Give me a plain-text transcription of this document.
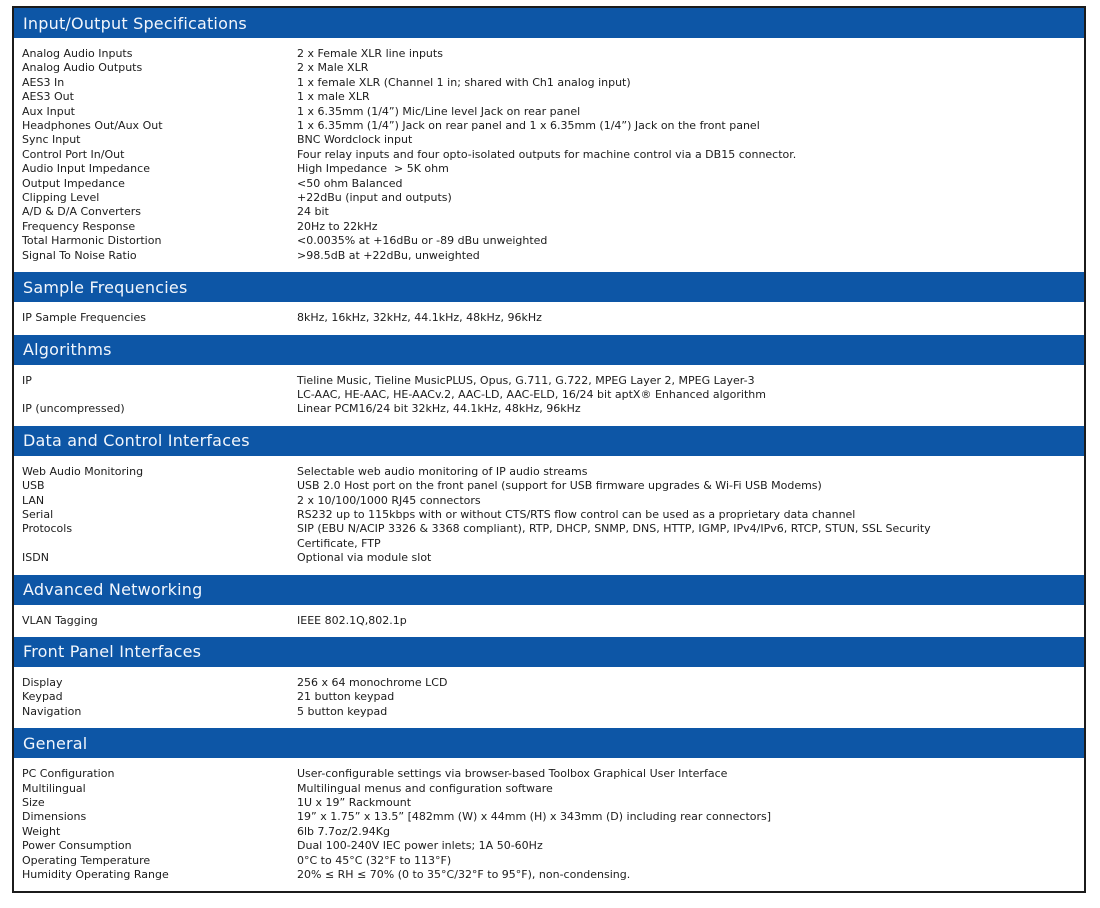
Input/Output Specifications
Analog Audio Inputs	2 x Female XLR line inputs
Analog Audio Outputs	2 x Male XLR
AES3 In	1 x female XLR (Channel 1 in; shared with Ch1 analog input)
AES3 Out	1 x male XLR
Aux Input	1 x 6.35mm (1/4”) Mic/Line level Jack on rear panel
Headphones Out/Aux Out	1 x 6.35mm (1/4”) Jack on rear panel and 1 x 6.35mm (1/4”) Jack on the front panel
Sync Input	BNC Wordclock input
Control Port In/Out	Four relay inputs and four opto-isolated outputs for machine control via a DB15 connector.
Audio Input Impedance	High Impedance  > 5K ohm
Output Impedance	<50 ohm Balanced
Clipping Level	+22dBu (input and outputs)
A/D & D/A Converters	24 bit
Frequency Response	20Hz to 22kHz
Total Harmonic Distortion	<0.0035% at +16dBu or -89 dBu unweighted
Signal To Noise Ratio	>98.5dB at +22dBu, unweighted
Sample Frequencies
IP Sample Frequencies	8kHz, 16kHz, 32kHz, 44.1kHz, 48kHz, 96kHz
Algorithms
IP	Tieline Music, Tieline MusicPLUS, Opus, G.711, G.722, MPEG Layer 2, MPEG Layer-3
LC-AAC, HE-AAC, HE-AACv.2, AAC-LD, AAC-ELD, 16/24 bit aptX® Enhanced algorithm
IP (uncompressed)	Linear PCM16/24 bit 32kHz, 44.1kHz, 48kHz, 96kHz
Data and Control Interfaces
Web Audio Monitoring	Selectable web audio monitoring of IP audio streams
USB	USB 2.0 Host port on the front panel (support for USB firmware upgrades & Wi-Fi USB Modems)
LAN	2 x 10/100/1000 RJ45 connectors
Serial	RS232 up to 115kbps with or without CTS/RTS flow control can be used as a proprietary data channel
Protocols	SIP (EBU N/ACIP 3326 & 3368 compliant), RTP, DHCP, SNMP, DNS, HTTP, IGMP, IPv4/IPv6, RTCP, STUN, SSL Security
Certificate, FTP
ISDN	Optional via module slot
Advanced Networking
VLAN Tagging	IEEE 802.1Q,802.1p
Front Panel Interfaces
Display	256 x 64 monochrome LCD
Keypad	21 button keypad
Navigation	5 button keypad
General
PC Configuration	User-configurable settings via browser-based Toolbox Graphical User Interface
Multilingual	Multilingual menus and configuration software
Size	1U x 19” Rackmount
Dimensions	19” x 1.75” x 13.5” [482mm (W) x 44mm (H) x 343mm (D) including rear connectors]
Weight	6lb 7.7oz/2.94Kg
Power Consumption	Dual 100-240V IEC power inlets; 1A 50-60Hz
Operating Temperature	0°C to 45°C (32°F to 113°F)
Humidity Operating Range	20% ≤ RH ≤ 70% (0 to 35°C/32°F to 95°F), non-condensing.
